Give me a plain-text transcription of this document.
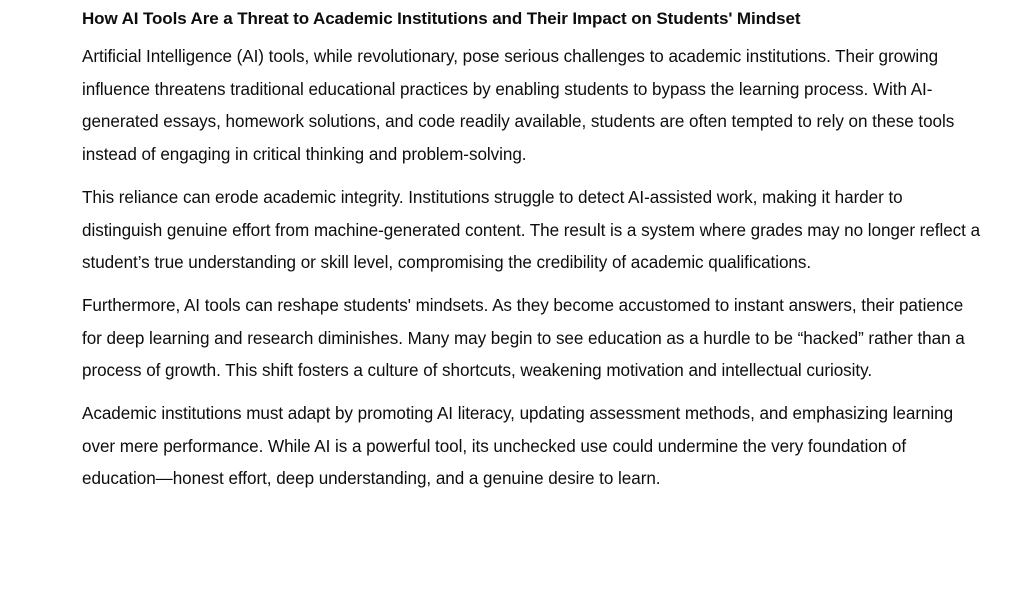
How AI Tools Are a Threat to Academic Institutions and Their Impact on Students' Mindset

Artificial Intelligence (AI) tools, while revolutionary, pose serious challenges to academic institutions. Their growing influence threatens traditional educational practices by enabling students to bypass the learning process. With AI-generated essays, homework solutions, and code readily available, students are often tempted to rely on these tools instead of engaging in critical thinking and problem-solving.

This reliance can erode academic integrity. Institutions struggle to detect AI-assisted work, making it harder to distinguish genuine effort from machine-generated content. The result is a system where grades may no longer reflect a student’s true understanding or skill level, compromising the credibility of academic qualifications.

Furthermore, AI tools can reshape students' mindsets. As they become accustomed to instant answers, their patience for deep learning and research diminishes. Many may begin to see education as a hurdle to be “hacked” rather than a process of growth. This shift fosters a culture of shortcuts, weakening motivation and intellectual curiosity.

Academic institutions must adapt by promoting AI literacy, updating assessment methods, and emphasizing learning over mere performance. While AI is a powerful tool, its unchecked use could undermine the very foundation of education—honest effort, deep understanding, and a genuine desire to learn.
